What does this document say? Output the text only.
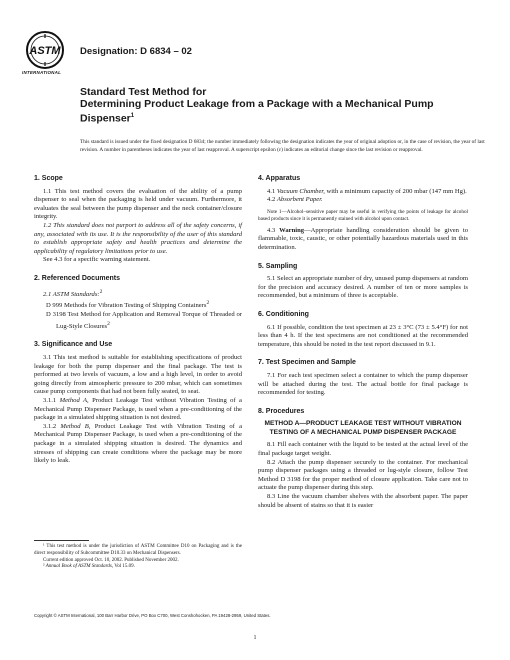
ASTM
INTERNATIONAL
Designation: D 6834 – 02
Standard Test Method for
Determining Product Leakage from a Package with a Mechanical Pump Dispenser$^1$
This standard is issued under the fixed designation D 6834; the number immediately following the designation indicates the year of original adoption or, in the case of revision, the year of last revision. A number in parentheses indicates the year of last reapproval. A superscript epsilon (ε) indicates an editorial change since the last revision or reapproval.
1. Scope

1.1 This test method covers the evaluation of the ability of a pump dispenser to seal when the packaging is held under vacuum. Furthermore, it evaluates the seal between the pump dispenser and the neck container/closure integrity.

1.2 This standard does not purport to address all of the safety concerns, if any, associated with its use. It is the responsibility of the user of this standard to establish appropriate safety and health practices and determine the applicability of regulatory limitations prior to use.

See 4.3 for a specific warning statement.

2. Referenced Documents

2.1 ASTM Standards:$^2$

D 999 Methods for Vibration Testing of Shipping Containers$^2$

D 3198 Test Method for Application and Removal Torque of Threaded or Lug-Style Closures$^2$

3. Significance and Use

3.1 This test method is suitable for establishing specifications of product leakage for both the pump dispenser and the final package. The test is performed at two levels of vacuum, a low and a high level, in order to avoid going directly from atmospheric pressure to 200 mbar, which can sometimes cause pump components that had not been fully seated, to seat.

3.1.1 Method A, Product Leakage Test without Vibration Testing of a Mechanical Pump Dispenser Package, is used when a pre-conditioning of the package in a simulated shipping situation is not desired.

3.1.2 Method B, Product Leakage Test with Vibration Testing of a Mechanical Pump Dispenser Package, is used when a pre-conditioning of the package in a simulated shipping situation is desired. The dynamics and stresses of shipping can create conditions where the package may be more likely to leak.

4. Apparatus

4.1 Vacuum Chamber, with a minimum capacity of 200 mbar (147 mm Hg).

4.2 Absorbent Paper.

Note 1—Alcohol–sensitive paper may be useful in verifying the points of leakage for alcohol based products since it is permanently stained with alcohol upon contact.

4.3 Warning—Appropriate handling consideration should be given to flammable, toxic, caustic, or other potentially hazardous materials used in this determination.

5. Sampling

5.1 Select an appropriate number of dry, unused pump dispensers at random for the precision and accuracy desired. A number of ten or more samples is recommended, but a minimum of three is acceptable.

6. Conditioning

6.1 If possible, condition the test specimen at 23 ± 3°C (73 ± 5.4°F) for not less than 4 h. If the test specimens are not conditioned at the recommended temperature, this should be noted in the test report discussed in 9.1.

7. Test Specimen and Sample

7.1 For each test specimen select a container to which the pump dispenser will be attached during the test. The actual bottle for final package is recommended for testing.

8. Procedures
METHOD A—PRODUCT LEAKAGE TEST WITHOUT VIBRATION TESTING OF A MECHANICAL PUMP DISPENSER PACKAGE

8.1 Fill each container with the liquid to be tested at the actual level of the final package target weight.

8.2 Attach the pump dispenser securely to the container. For mechanical pump dispenser packages using a threaded or lug-style closure, follow Test Method D 3198 for the proper method of closure application. Take care not to actuate the pump dispenser during this step.

8.3 Line the vacuum chamber shelves with the absorbent paper. The paper should be absent of stains so that it is easier

¹ This test method is under the jurisdiction of ASTM Committee D10 on Packaging and is the direct responsibility of Subcommittee D10.33 on Mechanical Dispensers.

Current edition approved Oct. 10, 2002. Published November 2002.

² Annual Book of ASTM Standards, Vol 15.09.

Copyright © ASTM International, 100 Barr Harbor Drive, PO Box C700, West Conshohocken, PA 19428-2959, United States.
1
